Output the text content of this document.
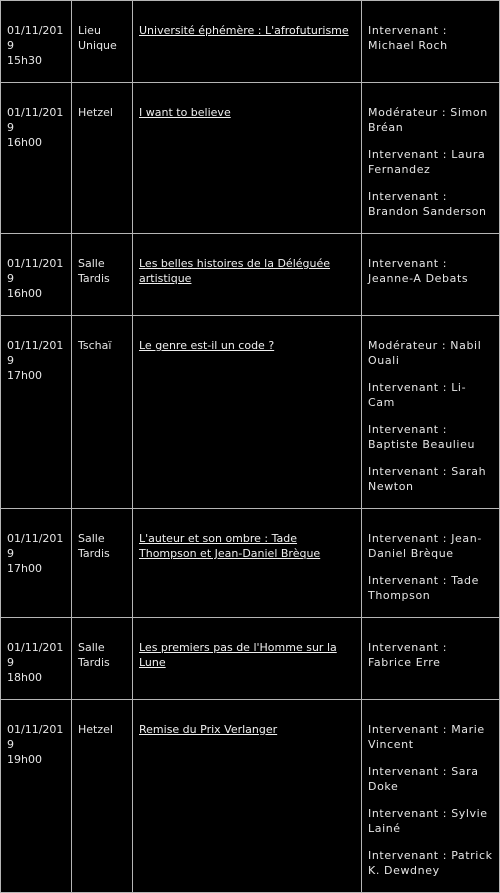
01/11/2019
15h30	Lieu Unique	Université éphémère : L'afrofuturisme	Intervenant : Michael Roch

01/11/2019
16h00	Hetzel	I want to believe	Modérateur : Simon Bréan
Intervenant : Laura Fernandez
Intervenant : Brandon Sanderson

01/11/2019
16h00	Salle Tardis	Les belles histoires de la Déléguée artistique	Intervenant : Jeanne-A Debats

01/11/2019
17h00	Tschaï	Le genre est-il un code ?	Modérateur : Nabil Ouali
Intervenant : Li-Cam
Intervenant : Baptiste Beaulieu
Intervenant : Sarah Newton

01/11/2019
17h00	Salle Tardis	L'auteur et son ombre : Tade Thompson et Jean-Daniel Brèque	Intervenant : Jean-Daniel Brèque
Intervenant : Tade Thompson

01/11/2019
18h00	Salle Tardis	Les premiers pas de l'Homme sur la Lune	Intervenant : Fabrice Erre

01/11/2019
19h00	Hetzel	Remise du Prix Verlanger	Intervenant : Marie Vincent
Intervenant : Sara Doke
Intervenant : Sylvie Lainé
Intervenant : Patrick K. Dewdney
